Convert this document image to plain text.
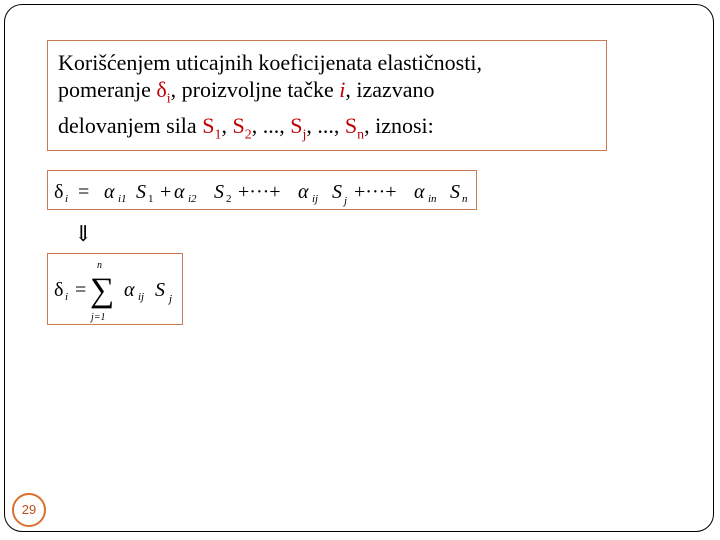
Korišćenjem uticajnih koeficijenata elastičnosti,
pomeranje $\delta_i$, proizvoljne tačke i, izazvano
delovanjem sila $S_1$, $S_2$, ..., $S_j$, ..., $S_n$, iznosi:
δ i = α i1 S 1 + α i2 S 2 +···+ α ij S j +···+ α in S n
⇓
δ i =
n
∑
j=1
α ij S j
29
